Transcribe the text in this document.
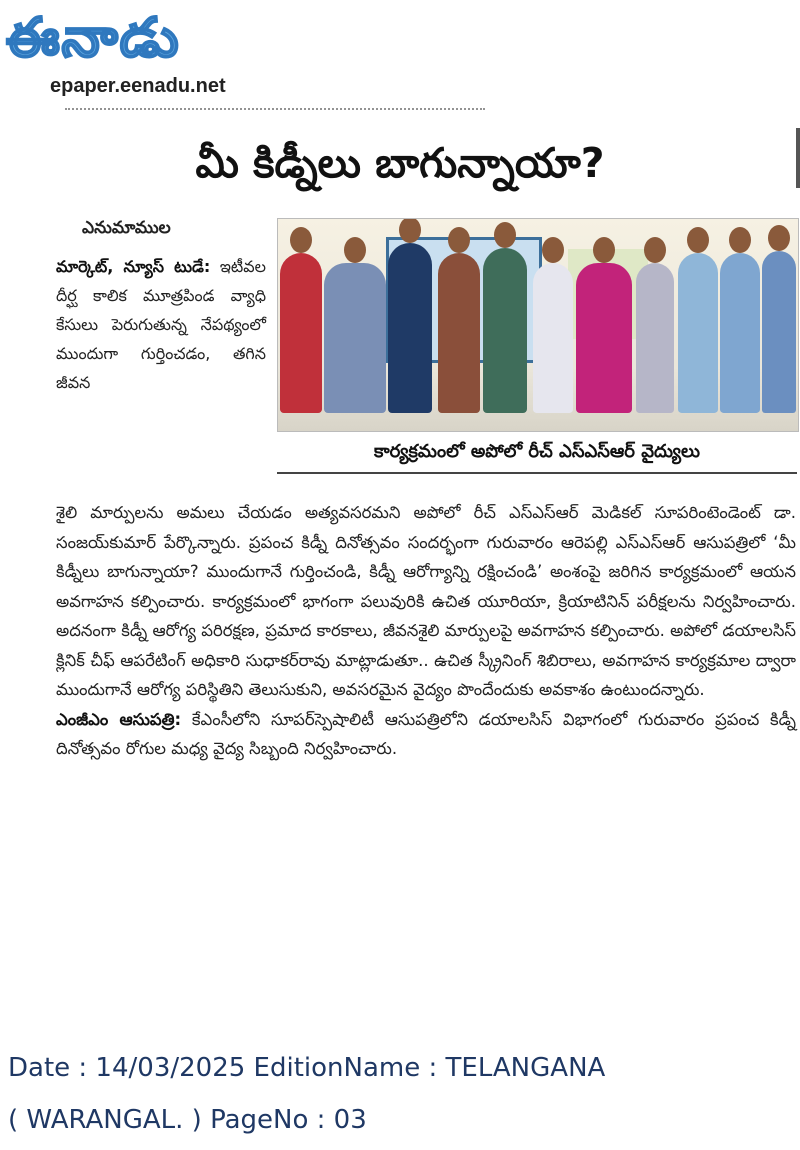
ఈనాడు
epaper.eenadu.net
మీ కిడ్నీలు బాగున్నాయా?
ఎనుమాముల
మార్కెట్, న్యూస్ టుడే: ఇటీవల దీర్ఘ కాలిక మూత్రపిండ వ్యాధి కేసులు పెరుగుతున్న నేపథ్యంలో ముందుగా గుర్తించడం, తగిన జీవన
కార్యక్రమంలో అపోలో రీచ్ ఎస్ఎస్ఆర్ వైద్యులు

శైలి మార్పులను అమలు చేయడం అత్యవసరమని అపోలో రీచ్ ఎస్ఎస్ఆర్ మెడికల్ సూపరింటెండెంట్ డా. సంజయ్‌కుమార్ పేర్కొన్నారు. ప్రపంచ కిడ్నీ దినోత్సవం సందర్భంగా గురువారం ఆరెపల్లి ఎస్ఎస్ఆర్ ఆసుపత్రిలో ‘మీ కిడ్నీలు బాగున్నాయా? ముందుగానే గుర్తించండి, కిడ్నీ ఆరోగ్యాన్ని రక్షించండి’ అంశంపై జరిగిన కార్యక్రమంలో ఆయన అవగాహన కల్పించారు. కార్యక్రమంలో భాగంగా పలువురికి ఉచిత యూరియా, క్రియాటినిన్ పరీక్షలను నిర్వహించారు. అదనంగా కిడ్నీ ఆరోగ్య పరిరక్షణ, ప్రమాద కారకాలు, జీవనశైలి మార్పులపై అవగాహన కల్పించారు. అపోలో డయాలసిస్ క్లినిక్ చీఫ్ ఆపరేటింగ్ అధికారి సుధాకర్‌రావు మాట్లాడుతూ.. ఉచిత స్క్రీనింగ్ శిబిరాలు, అవగాహన కార్యక్రమాల ద్వారా ముందుగానే ఆరోగ్య పరిస్థితిని తెలుసుకుని, అవసరమైన వైద్యం పొందేందుకు అవకాశం ఉంటుందన్నారు.

ఎంజీఎం ఆసుపత్రి: కేఎంసీలోని సూపర్‌స్పెషాలిటీ ఆసుపత్రిలోని డయాలసిస్ విభాగంలో గురువారం ప్రపంచ కిడ్నీ దినోత్సవం రోగుల మధ్య వైద్య సిబ్బంది నిర్వహించారు.

Date : 14/03/2025 EditionName : TELANGANA
( WARANGAL. ) PageNo : 03
